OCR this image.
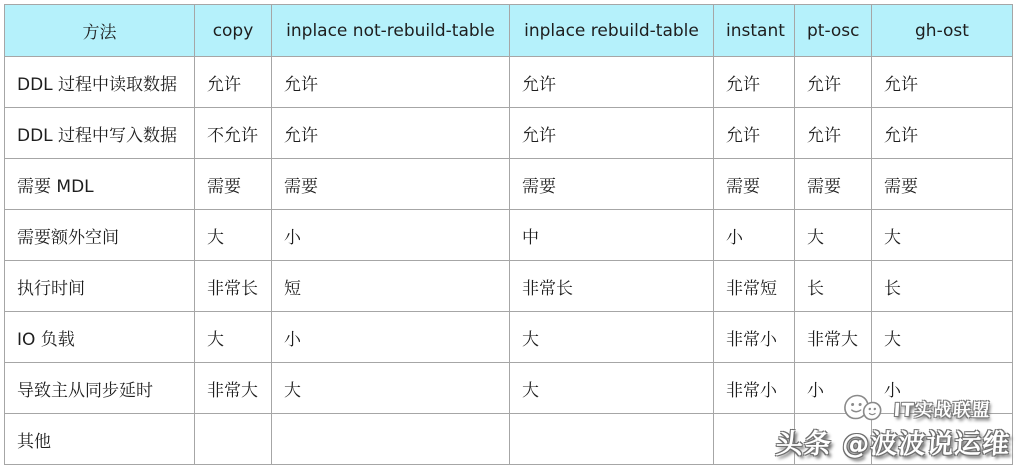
方法	copy	inplace not-rebuild-table	inplace rebuild-table	instant	pt-osc	gh-ost
DDL 过程中读取数据	允许	允许	允许	允许	允许	允许
DDL 过程中写入数据	不允许	允许	允许	允许	允许	允许
需要 MDL	需要	需要	需要	需要	需要	需要
需要额外空间	大	小	中	小	大	大
执行时间	非常长	短	非常长	非常短	长	长
IO 负载	大	小	大	非常小	非常大	大
导致主从同步延时	非常大	大	大	非常小	小	小
其他						
IT实战联盟
头条 @波波说运维
